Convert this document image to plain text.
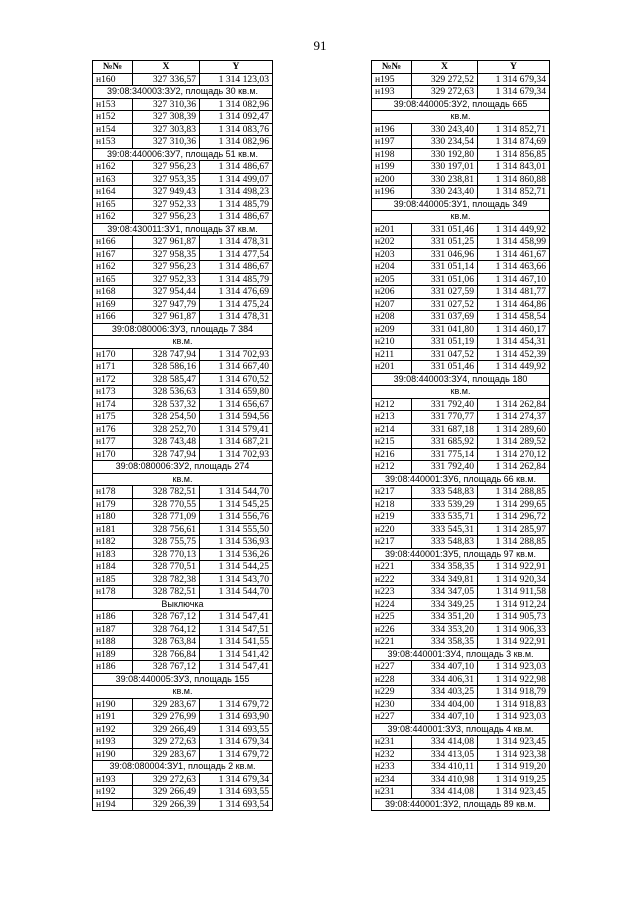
91
№№	X	Y
н160	327 336,57	1 314 123,03
39:08:340003:ЗУ2, площадь 30 кв.м.		
н153	327 310,36	1 314 082,96
н152	327 308,39	1 314 092,47
н154	327 303,83	1 314 083,76
н153	327 310,36	1 314 082,96
39:08:440006:ЗУ7, площадь 51 кв.м.		
н162	327 956,23	1 314 486,67
н163	327 953,35	1 314 499,07
н164	327 949,43	1 314 498,23
н165	327 952,33	1 314 485,79
н162	327 956,23	1 314 486,67
39:08:430011:ЗУ1, площадь 37 кв.м.		
н166	327 961,87	1 314 478,31
н167	327 958,35	1 314 477,54
н162	327 956,23	1 314 486,67
н165	327 952,33	1 314 485,79
н168	327 954,44	1 314 476,69
н169	327 947,79	1 314 475,24
н166	327 961,87	1 314 478,31
39:08:080006:ЗУ3, площадь 7 384		
кв.м.		
н170	328 747,94	1 314 702,93
н171	328 586,16	1 314 667,40
н172	328 585,47	1 314 670,52
н173	328 536,63	1 314 659,80
н174	328 537,32	1 314 656,67
н175	328 254,50	1 314 594,56
н176	328 252,70	1 314 579,41
н177	328 743,48	1 314 687,21
н170	328 747,94	1 314 702,93
39:08:080006:ЗУ2, площадь 274		
кв.м.		
н178	328 782,51	1 314 544,70
н179	328 770,55	1 314 545,25
н180	328 771,09	1 314 556,76
н181	328 756,61	1 314 555,50
н182	328 755,75	1 314 536,93
н183	328 770,13	1 314 536,26
н184	328 770,51	1 314 544,25
н185	328 782,38	1 314 543,70
н178	328 782,51	1 314 544,70
Выключка		
н186	328 767,12	1 314 547,41
н187	328 764,12	1 314 547,51
н188	328 763,84	1 314 541,55
н189	328 766,84	1 314 541,42
н186	328 767,12	1 314 547,41
39:08:440005:ЗУ3, площадь 155		
кв.м.		
н190	329 283,67	1 314 679,72
н191	329 276,99	1 314 693,90
н192	329 266,49	1 314 693,55
н193	329 272,63	1 314 679,34
н190	329 283,67	1 314 679,72
39:08:080004:ЗУ1, площадь 2 кв.м.		
н193	329 272,63	1 314 679,34
н192	329 266,49	1 314 693,55
н194	329 266,39	1 314 693,54
№№	X	Y
н195	329 272,52	1 314 679,34
н193	329 272,63	1 314 679,34
39:08:440005:ЗУ2, площадь 665		
кв.м.		
н196	330 243,40	1 314 852,71
н197	330 234,54	1 314 874,69
н198	330 192,80	1 314 856,85
н199	330 197,01	1 314 843,01
н200	330 238,81	1 314 860,88
н196	330 243,40	1 314 852,71
39:08:440005:ЗУ1, площадь 349		
кв.м.		
н201	331 051,46	1 314 449,92
н202	331 051,25	1 314 458,99
н203	331 046,96	1 314 461,67
н204	331 051,14	1 314 463,66
н205	331 051,06	1 314 467,10
н206	331 027,59	1 314 481,77
н207	331 027,52	1 314 464,86
н208	331 037,69	1 314 458,54
н209	331 041,80	1 314 460,17
н210	331 051,19	1 314 454,31
н211	331 047,52	1 314 452,39
н201	331 051,46	1 314 449,92
39:08:440003:ЗУ4, площадь 180		
кв.м.		
н212	331 792,40	1 314 262,84
н213	331 770,77	1 314 274,37
н214	331 687,18	1 314 289,60
н215	331 685,92	1 314 289,52
н216	331 775,14	1 314 270,12
н212	331 792,40	1 314 262,84
39:08:440001:ЗУ6, площадь 66 кв.м.		
н217	333 548,83	1 314 288,85
н218	333 539,29	1 314 299,65
н219	333 535,71	1 314 296,72
н220	333 545,31	1 314 285,97
н217	333 548,83	1 314 288,85
39:08:440001:ЗУ5, площадь 97 кв.м.		
н221	334 358,35	1 314 922,91
н222	334 349,81	1 314 920,34
н223	334 347,05	1 314 911,58
н224	334 349,25	1 314 912,24
н225	334 351,20	1 314 905,73
н226	334 353,20	1 314 906,33
н221	334 358,35	1 314 922,91
39:08:440001:ЗУ4, площадь 3 кв.м.		
н227	334 407,10	1 314 923,03
н228	334 406,31	1 314 922,98
н229	334 403,25	1 314 918,79
н230	334 404,00	1 314 918,83
н227	334 407,10	1 314 923,03
39:08:440001:ЗУ3, площадь 4 кв.м.		
н231	334 414,08	1 314 923,45
н232	334 413,05	1 314 923,38
н233	334 410,11	1 314 919,20
н234	334 410,98	1 314 919,25
н231	334 414,08	1 314 923,45
39:08:440001:ЗУ2, площадь 89 кв.м.		
